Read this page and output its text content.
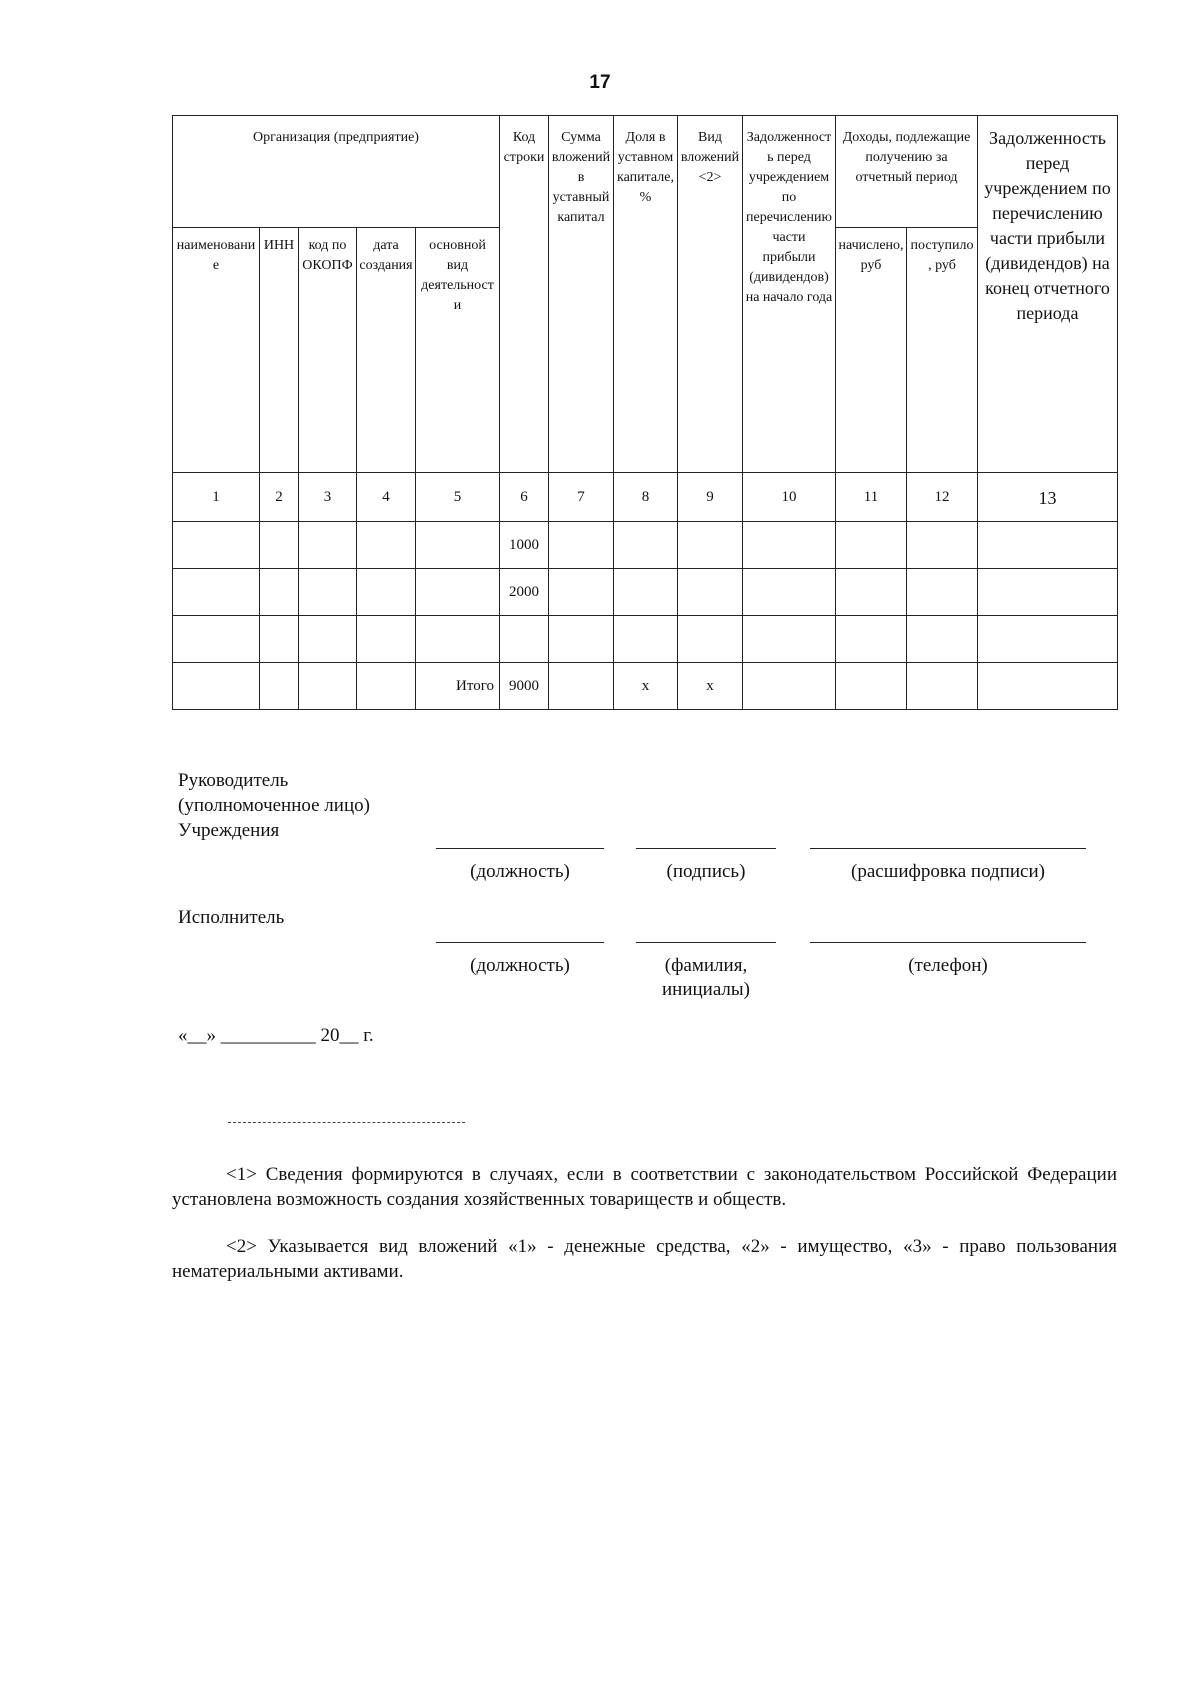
17
Организация (предприятие)					Код строки	Сумма вложений в уставный капитал	Доля в уставном капитале, %	Вид вложений <2>	Задолженность перед учреждением по перечислению части прибыли (дивидендов) на начало года	Доходы, подлежащие получению за отчетный период		Задолженность перед учреждением по перечислению части прибыли (дивидендов) на конец отчетного периода
наименование	ИНН	код по ОКОПФ	дата создания	основной вид деятельности						начислено, руб	поступило, руб	
1	2	3	4	5	6	7	8	9	10	11	12	13
					1000							
					2000							

				Итого	9000		x	x				
Руководитель (уполномоченное лицо) Учреждения
(должность)	(подпись)	(расшифровка подписи)
Исполнитель
(должность)	(фамилия, инициалы)
(телефон)
«__» __________ 20__ г.
<1> Сведения формируются в случаях, если в соответствии с законодательством Российской Федерации установлена возможность создания хозяйственных товариществ и обществ.
<2> Указывается вид вложений «1» - денежные средства, «2» - имущество, «3» - право пользования нематериальными активами.
